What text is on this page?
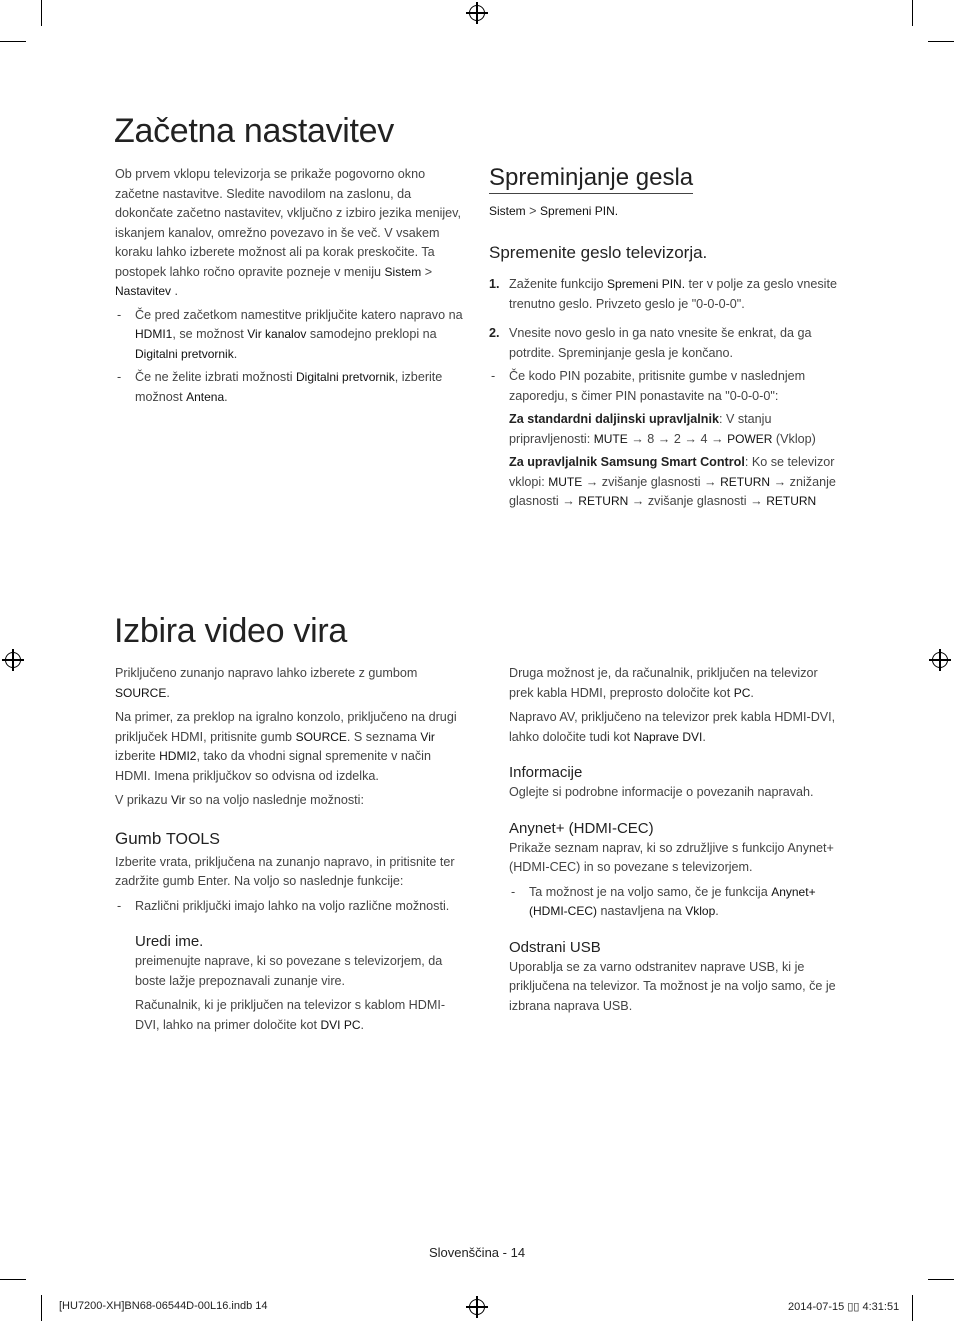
Začetna nastavitev

Ob prvem vklopu televizorja se prikaže pogovorno okno začetne nastavitve. Sledite navodilom na zaslonu, da dokončate začetno nastavitev, vključno z izbiro jezika menijev, iskanjem kanalov, omrežno povezavo in še več. V vsakem koraku lahko izberete možnost ali pa korak preskočite. Ta postopek lahko ročno opravite pozneje v meniju Sistem > Nastavitev .

- Če pred začetkom namestitve priključite katero napravo na HDMI1, se možnost Vir kanalov samodejno preklopi na Digitalni pretvornik.
- Če ne želite izbrati možnosti Digitalni pretvornik, izberite možnost Antena.
Spreminjanje gesla
Sistem > Spremeni PIN.
Spremenite geslo televizorja.
1. Zaženite funkcijo Spremeni PIN. ter v polje za geslo vnesite trenutno geslo. Privzeto geslo je "0-0-0-0".
2. Vnesite novo geslo in ga nato vnesite še enkrat, da ga potrdite. Spreminjanje gesla je končano.
- Če kodo PIN pozabite, pritisnite gumbe v naslednjem zaporedju, s čimer PIN ponastavite na "0-0-0-0":

Za standardni daljinski upravljalnik: V stanju pripravljenosti: MUTE → 8 → 2 → 4 → POWER (Vklop)

Za upravljalnik Samsung Smart Control: Ko se televizor vklopi: MUTE → zvišanje glasnosti → RETURN → znižanje glasnosti → RETURN → zvišanje glasnosti → RETURN

Izbira video vira

Priključeno zunanjo napravo lahko izberete z gumbom SOURCE.

Na primer, za preklop na igralno konzolo, priključeno na drugi priključek HDMI, pritisnite gumb SOURCE. S seznama Vir izberite HDMI2, tako da vhodni signal spremenite v način HDMI. Imena priključkov so odvisna od izdelka.

V prikazu Vir so na voljo naslednje možnosti:

Gumb TOOLS

Izberite vrata, priključena na zunanjo napravo, in pritisnite ter zadržite gumb Enter. Na voljo so naslednje funkcije:

- Različni priključki imajo lahko na voljo različne možnosti.
Uredi ime.

preimenujte naprave, ki so povezane s televizorjem, da boste lažje prepoznavali zunanje vire.

Računalnik, ki je priključen na televizor s kablom HDMI-DVI, lahko na primer določite kot DVI PC.

Druga možnost je, da računalnik, priključen na televizor prek kabla HDMI, preprosto določite kot PC.

Napravo AV, priključeno na televizor prek kabla HDMI-DVI, lahko določite tudi kot Naprave DVI.

Informacije

Oglejte si podrobne informacije o povezanih napravah.

Anynet+ (HDMI-CEC)

Prikaže seznam naprav, ki so združljive s funkcijo Anynet+ (HDMI-CEC) in so povezane s televizorjem.

- Ta možnost je na voljo samo, če je funkcija Anynet+ (HDMI-CEC) nastavljena na Vklop.
Odstrani USB

Uporablja se za varno odstranitev naprave USB, ki je priključena na televizor. Ta možnost je na voljo samo, če je izbrana naprava USB.

Slovenščina - 14
[HU7200-XH]BN68-06544D-00L16.indb 14	2014-07-15 ▯▯ 4:31:51
